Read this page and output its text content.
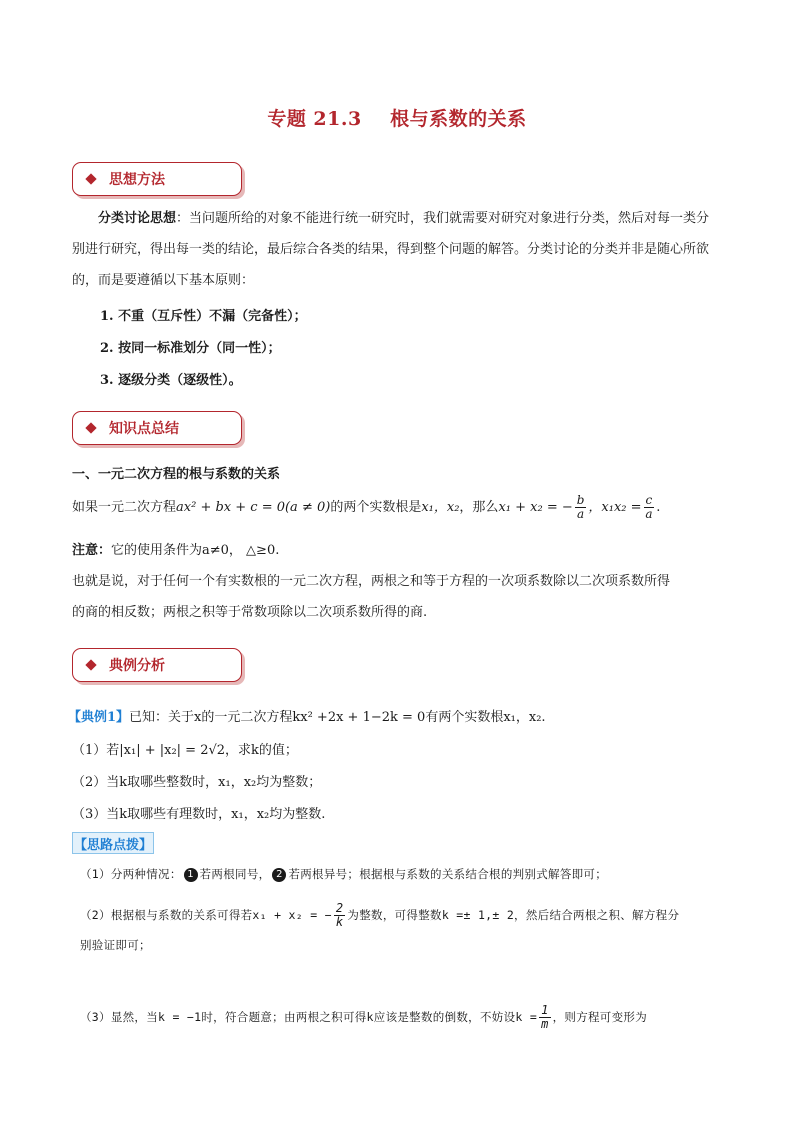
专题 21.3 根与系数的关系
思想方法
分类讨论思想：当问题所给的对象不能进行统一研究时，我们就需要对研究对象进行分类，然后对每一类分别进行研究，得出每一类的结论，最后综合各类的结果，得到整个问题的解答。分类讨论的分类并非是随心所欲的，而是要遵循以下基本原则：
1. 不重（互斥性）不漏（完备性）；
2. 按同一标准划分（同一性）；
3. 逐级分类（逐级性）。
知识点总结
一、一元二次方程的根与系数的关系
如果一元二次方程ax² + bx + c = 0(a ≠ 0)的两个实数根是x₁，x₂，那么x₁ + x₂ = − $\frac{b}{a}$ ，$x_1x_2 = \frac{c}{a}$ .
注意：它的使用条件为a≠0， △≥0.
也就是说，对于任何一个有实数根的一元二次方程，两根之和等于方程的一次项系数除以二次项系数所得
的商的相反数；两根之积等于常数项除以二次项系数所得的商.
典例分析
【典例1】已知：关于x的一元二次方程kx² +2x + 1−2k = 0有两个实数根x₁，x₂.
（1）若|x₁| + |x₂| = 2√2，求k的值；
（2）当k取哪些整数时，x₁，x₂均为整数；
（3）当k取哪些有理数时，x₁，x₂均为整数.
【思路点拨】
（1）分两种情况： 1 若两根同号， 2 若两根异号；根据根与系数的关系结合根的判别式解答即可；
（2）根据根与系数的关系可得若x₁ + x₂ = − $\frac{2}{k}$ 为整数，可得整数k =± 1,± 2，然后结合两根之积、解方程分
别验证即可；
（3）显然，当k = −1时，符合题意；由两根之积可得k应该是整数的倒数，不妨设$k = \frac{1}{m}$ ，则方程可变形为
